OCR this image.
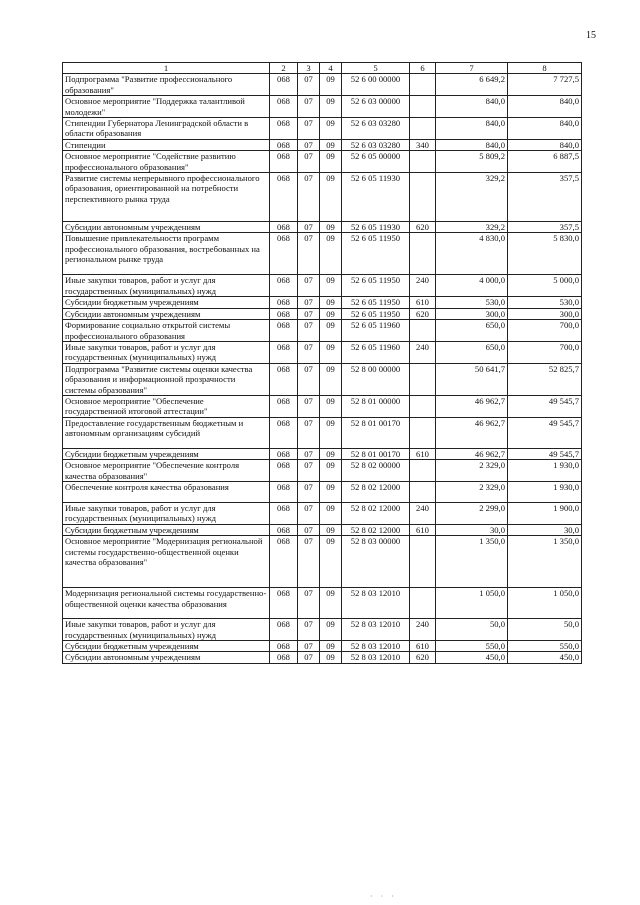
15
1	2	3	4	5	6	7	8
Подпрограмма "Развитие профессионального образования"	068	07	09	52 6 00 00000		6 649,2	7 727,5
Основное мероприятие "Поддержка талантливой молодежи"	068	07	09	52 6 03 00000		840,0	840,0
Стипендии Губернатора Ленинградской области в области образования	068	07	09	52 6 03 03280		840,0	840,0
Стипендии	068	07	09	52 6 03 03280	340	840,0	840,0
Основное мероприятие "Содействие развитию профессионального образования"	068	07	09	52 6 05 00000		5 809,2	6 887,5
Развитие системы непрерывного профессионального образования, ориентированной на потребности перспективного рынка труда	068	07	09	52 6 05 11930		329,2	357,5
Субсидии автономным учреждениям	068	07	09	52 6 05 11930	620	329,2	357,5
Повышение привлекательности программ профессионального образования, востребованных на региональном рынке труда	068	07	09	52 6 05 11950		4 830,0	5 830,0
Иные закупки товаров, работ и услуг для государственных (муниципальных) нужд	068	07	09	52 6 05 11950	240	4 000,0	5 000,0
Субсидии бюджетным учреждениям	068	07	09	52 6 05 11950	610	530,0	530,0
Субсидии автономным учреждениям	068	07	09	52 6 05 11950	620	300,0	300,0
Формирование социально открытой системы профессионального образования	068	07	09	52 6 05 11960		650,0	700,0
Иные закупки товаров, работ и услуг для государственных (муниципальных) нужд	068	07	09	52 6 05 11960	240	650,0	700,0
Подпрограмма "Развитие системы оценки качества образования и информационной прозрачности системы образования"	068	07	09	52 8 00 00000		50 641,7	52 825,7
Основное мероприятие "Обеспечение государственной итоговой аттестации"	068	07	09	52 8 01 00000		46 962,7	49 545,7
Предоставление государственным бюджетным и автономным организациям субсидий	068	07	09	52 8 01 00170		46 962,7	49 545,7
Субсидии бюджетным учреждениям	068	07	09	52 8 01 00170	610	46 962,7	49 545,7
Основное мероприятие "Обеспечение контроля качества образования"	068	07	09	52 8 02 00000		2 329,0	1 930,0
Обеспечение контроля качества образования	068	07	09	52 8 02 12000		2 329,0	1 930,0
Иные закупки товаров, работ и услуг для государственных (муниципальных) нужд	068	07	09	52 8 02 12000	240	2 299,0	1 900,0
Субсидии бюджетным учреждениям	068	07	09	52 8 02 12000	610	30,0	30,0
Основное мероприятие "Модернизация региональной системы государственно-общественной оценки качества образования"	068	07	09	52 8 03 00000		1 350,0	1 350,0
Модернизация региональной системы государственно-общественной оценки качества образования	068	07	09	52 8 03 12010		1 050,0	1 050,0
Иные закупки товаров, работ и услуг для государственных (муниципальных) нужд	068	07	09	52 8 03 12010	240	50,0	50,0
Субсидии бюджетным учреждениям	068	07	09	52 8 03 12010	610	550,0	550,0
Субсидии автономным учреждениям	068	07	09	52 8 03 12010	620	450,0	450,0
· · ·
